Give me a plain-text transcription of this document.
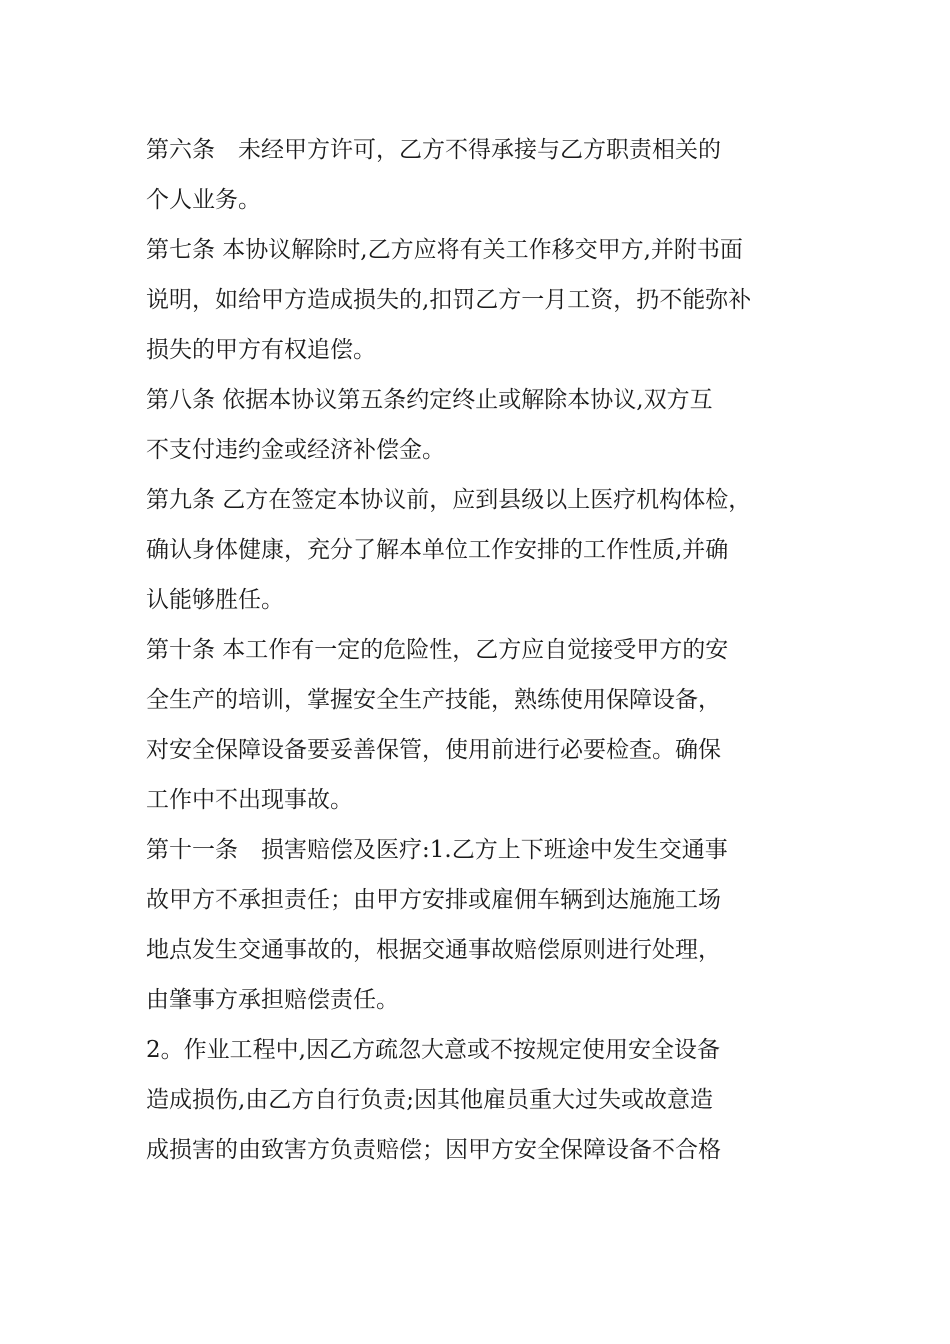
第六条　未经甲方许可，乙方不得承接与乙方职责相关的
个人业务。
第七条 本协议解除时,乙方应将有关工作移交甲方,并附书面
说明，如给甲方造成损失的,扣罚乙方一月工资，扔不能弥补
损失的甲方有权追偿。
第八条 依据本协议第五条约定终止或解除本协议,双方互
不支付违约金或经济补偿金。
第九条 乙方在签定本协议前，应到县级以上医疗机构体检，
确认身体健康，充分了解本单位工作安排的工作性质,并确
认能够胜任。
第十条 本工作有一定的危险性，乙方应自觉接受甲方的安
全生产的培训，掌握安全生产技能，熟练使用保障设备，
对安全保障设备要妥善保管，使用前进行必要检查。确保
工作中不出现事故。
第十一条　损害赔偿及医疗:1.乙方上下班途中发生交通事
故甲方不承担责任；由甲方安排或雇佣车辆到达施施工场
地点发生交通事故的，根据交通事故赔偿原则进行处理，
由肇事方承担赔偿责任。
2。作业工程中,因乙方疏忽大意或不按规定使用安全设备
造成损伤,由乙方自行负责;因其他雇员重大过失或故意造
成损害的由致害方负责赔偿；因甲方安全保障设备不合格
